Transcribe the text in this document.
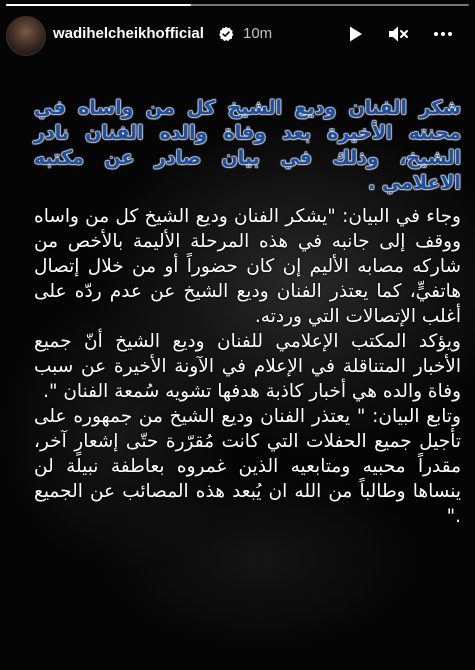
wadihelcheikhofficial	10m

شكر الفنان وديع الشيخ كل من واساه في محنته الأخيرة بعد وفاة والده الفنان نادر الشيخ، وذلك في بيان صادر عن مكتبه الاعلامي .

وجاء في البيان: "يشكر الفنان وديع الشيخ كل من واساه ووقف إلى جانبه في هذه المرحلة الأليمة بالأخص من شاركه مصابه الأليم إن كان حضوراً أو من خلال إتصال هاتفيٍّ، كما يعتذر الفنان وديع الشيخ عن عدم ردّه على أغلب الإتصالات التي وردته.

ويؤكد المكتب الإعلامي للفنان وديع الشيخ أنّ جميع الأخبار المتناقلة في الإعلام في الآونة الأخيرة عن سبب وفاة والده هي أخبار كاذبة هدفها تشويه سُمعة الفنان ".

وتابع البيان: " يعتذر الفنان وديع الشيخ من جمهوره على تأجيل جميع الحفلات التي كانت مُقرّرة حتّى إشعارٍ آخر، مقدراً محبيه ومتابعيه الذين غمروه بعاطفة نبيلة لن ينساها وطالباً من الله ان يُبعد هذه المصائب عن الجميع ."
